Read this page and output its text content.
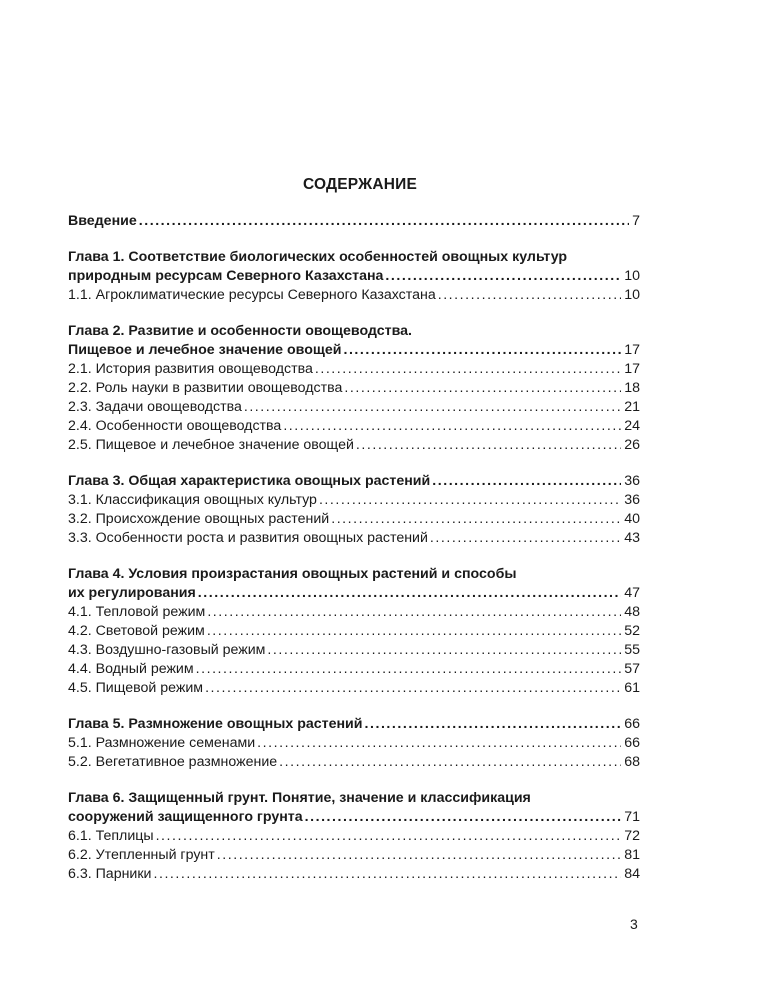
СОДЕРЖАНИЕ
Введение . . .	7
Глава 1. Соответствие биологических особенностей овощных культур
природным ресурсам Северного Казахстана . . .	10
1.1. Агроклиматические ресурсы Северного Казахстана . . .	10
Глава 2. Развитие и особенности овощеводства.
Пищевое и лечебное значение овощей . . .	17
2.1. История развития овощеводства . . .	17
2.2. Роль науки в развитии овощеводства . . .	18
2.3. Задачи овощеводства . . .	21
2.4. Особенности овощеводства . . .	24
2.5. Пищевое и лечебное значение овощей . . .	26
Глава 3. Общая характеристика овощных растений . . .	36
3.1. Классификация овощных культур . . .	36
3.2. Происхождение овощных растений . . .	40
3.3. Особенности роста и развития овощных растений . . .	43
Глава 4. Условия произрастания овощных растений и способы
их регулирования . . .	47
4.1. Тепловой режим . . .	48
4.2. Световой режим . . .	52
4.3. Воздушно-газовый режим . . .	55
4.4. Водный режим . . .	57
4.5. Пищевой режим . . .	61
Глава 5. Размножение овощных растений . . .	66
5.1. Размножение семенами . . .	66
5.2. Вегетативное размножение . . .	68
Глава 6. Защищенный грунт. Понятие, значение и классификация
сооружений защищенного грунта . . .	71
6.1. Теплицы . . .	72
6.2. Утепленный грунт . . .	81
6.3. Парники . . .	84
3
